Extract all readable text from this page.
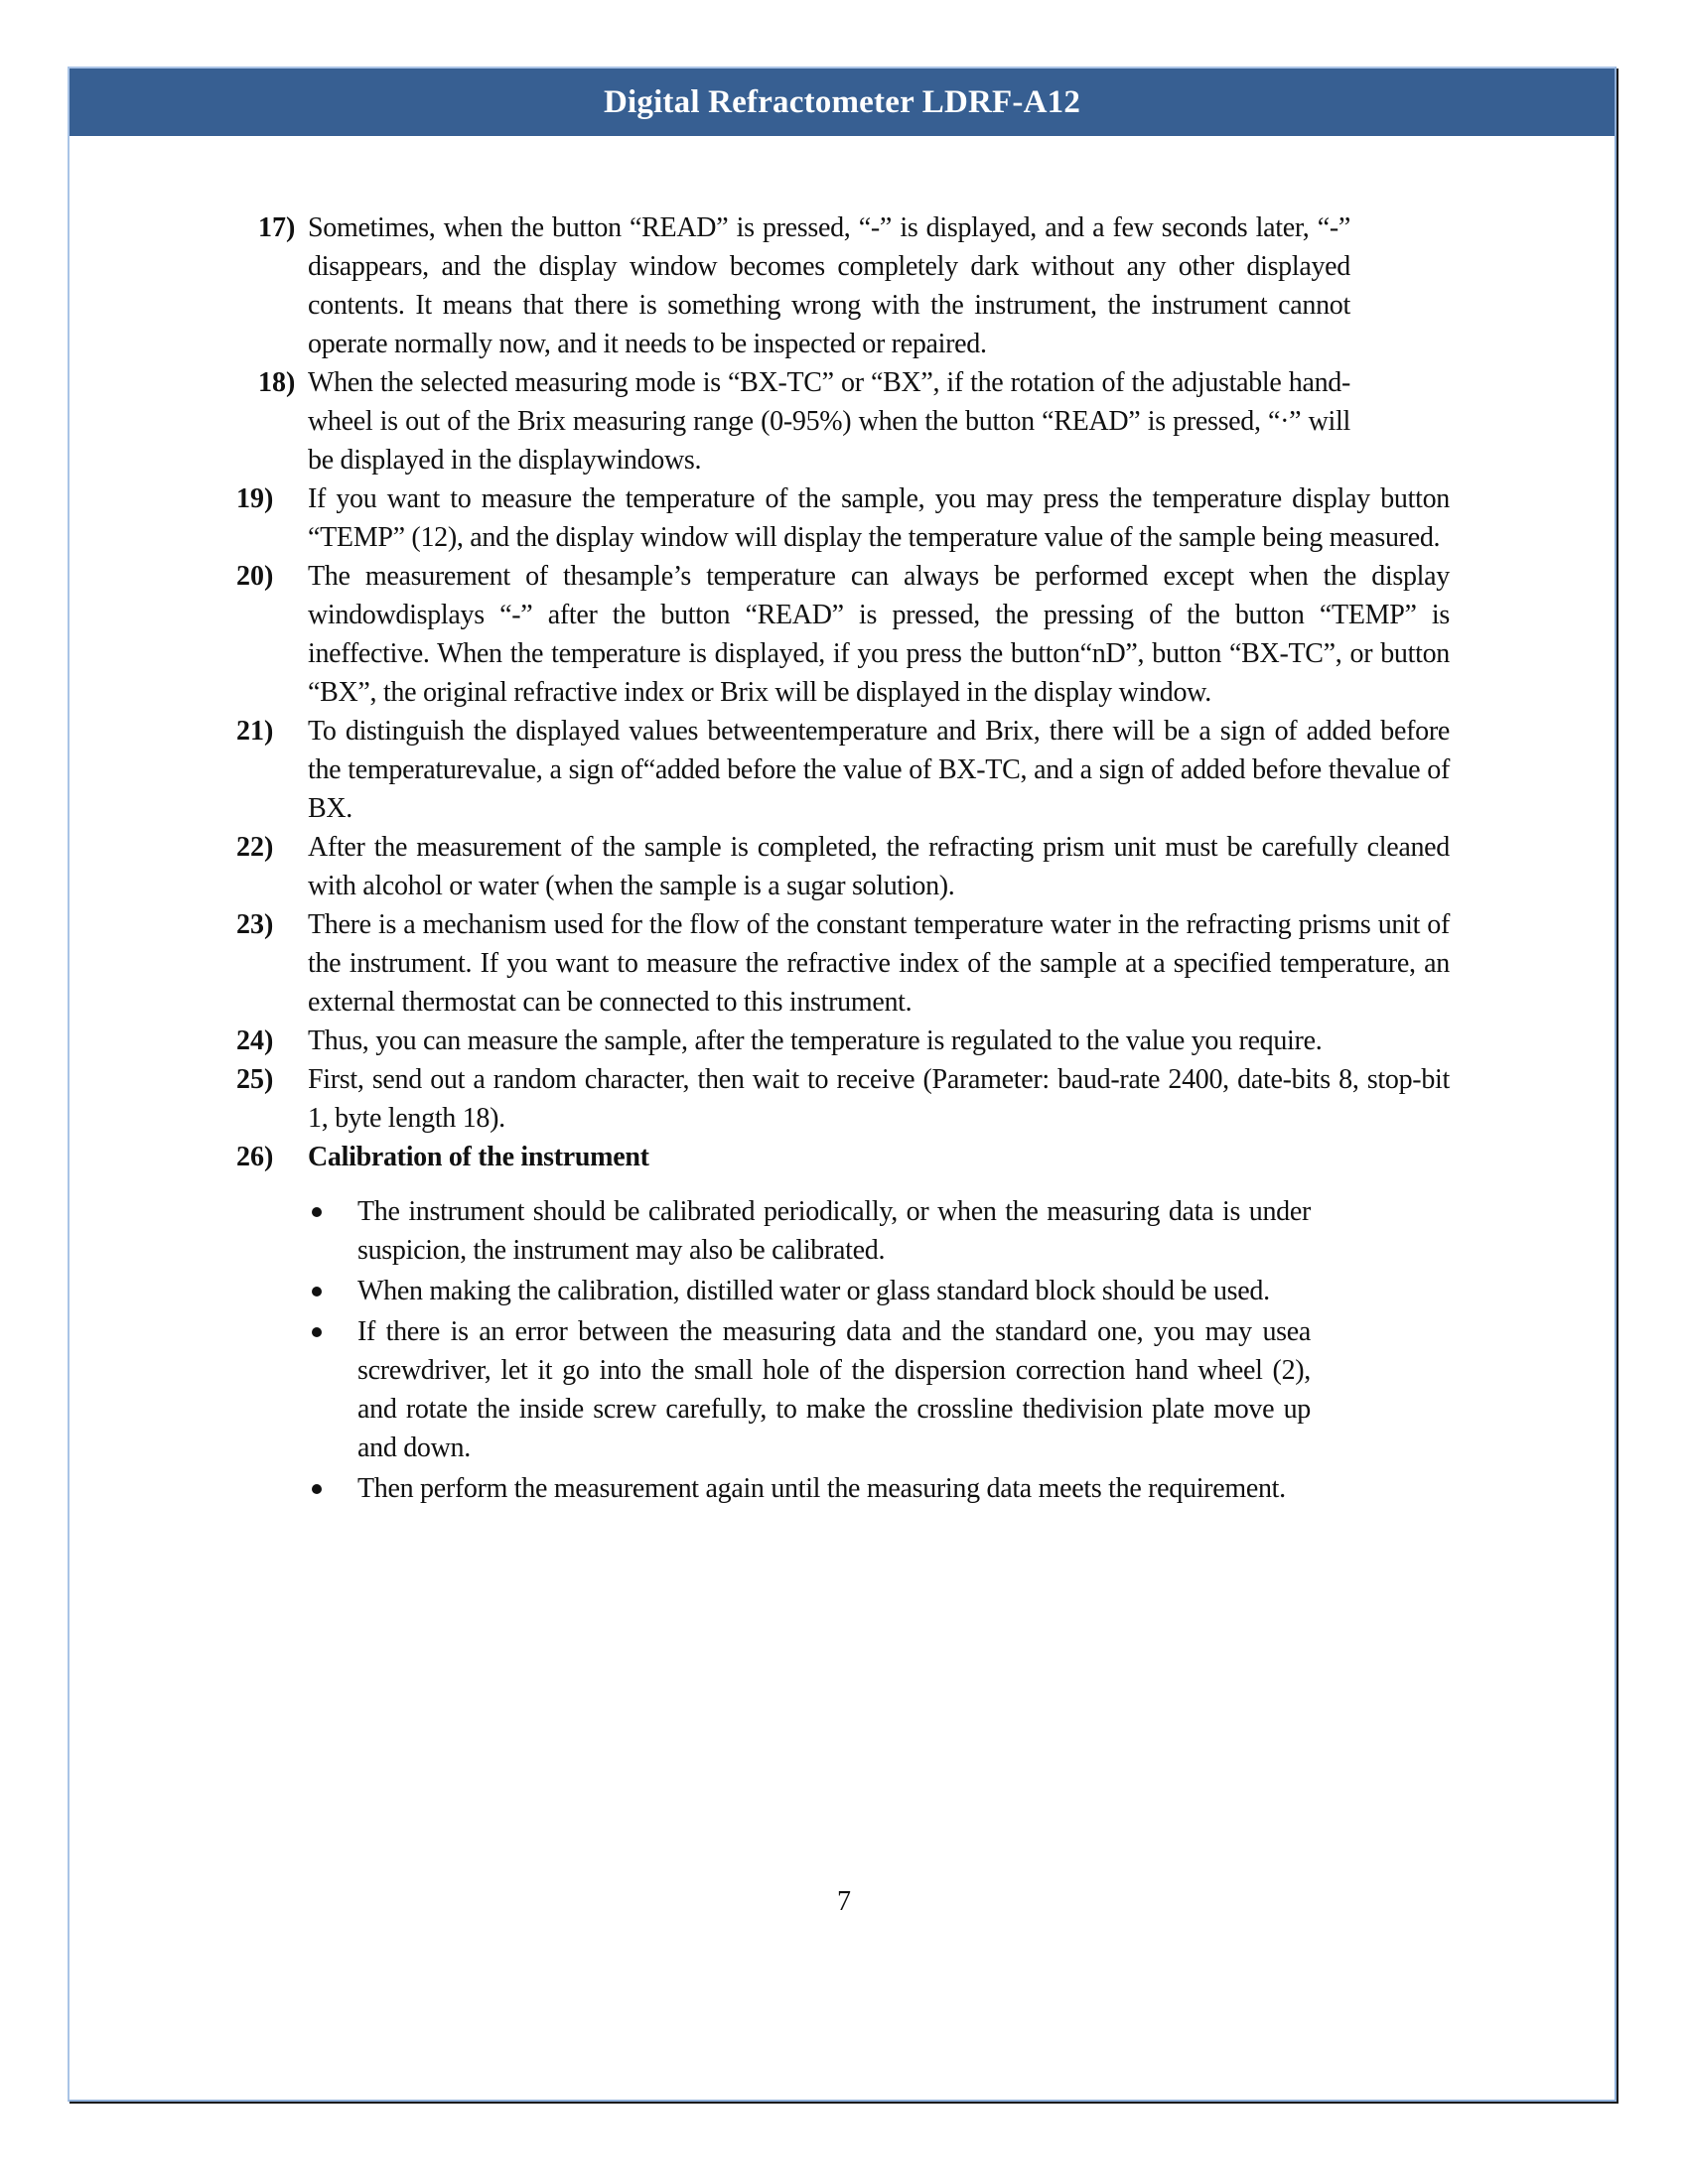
Digital Refractometer LDRF-A12
17) Sometimes, when the button “READ” is pressed, “-” is displayed, and a few seconds later, “-” disappears, and the display window becomes completely dark without any other displayed contents. It means that there is something wrong with the instrument, the instrument cannot operate normally now, and it needs to be inspected or repaired.
18) When the selected measuring mode is “BX-TC” or “BX”, if the rotation of the adjustable hand- wheel is out of the Brix measuring range (0-95%) when the button “READ” is pressed, “·” will be displayed in the displaywindows.
19) If you want to measure the temperature of the sample, you may press the temperature display button “TEMP” (12), and the display window will display the temperature value of the sample being measured.
20) The measurement of thesample’s temperature can always be performed except when the display windowdisplays “-” after the button “READ” is pressed, the pressing of the button “TEMP” is ineffective. When the temperature is displayed, if you press the button“nD”, button “BX-TC”, or button “BX”, the original refractive index or Brix will be displayed in the display window.
21) To distinguish the displayed values betweentemperature and Brix, there will be a sign of added before the temperaturevalue, a sign of“added before the value of BX-TC, and a sign of added before thevalue of BX.
22) After the measurement of the sample is completed, the refracting prism unit must be carefully cleaned with alcohol or water (when the sample is a sugar solution).
23) There is a mechanism used for the flow of the constant temperature water in the refracting prisms unit of the instrument. If you want to measure the refractive index of the sample at a specified temperature, an external thermostat can be connected to this instrument.
24) Thus, you can measure the sample, after the temperature is regulated to the value you require.
25) First, send out a random character, then wait to receive (Parameter: baud-rate 2400, date-bits 8, stop-bit 1, byte length 18).
26) Calibration of the instrument
The instrument should be calibrated periodically, or when the measuring data is under suspicion, the instrument may also be calibrated.
When making the calibration, distilled water or glass standard block should be used.
If there is an error between the measuring data and the standard one, you may usea screwdriver, let it go into the small hole of the dispersion correction hand wheel (2), and rotate the inside screw carefully, to make the crossline thedivision plate move up and down.
Then perform the measurement again until the measuring data meets the requirement.
7
